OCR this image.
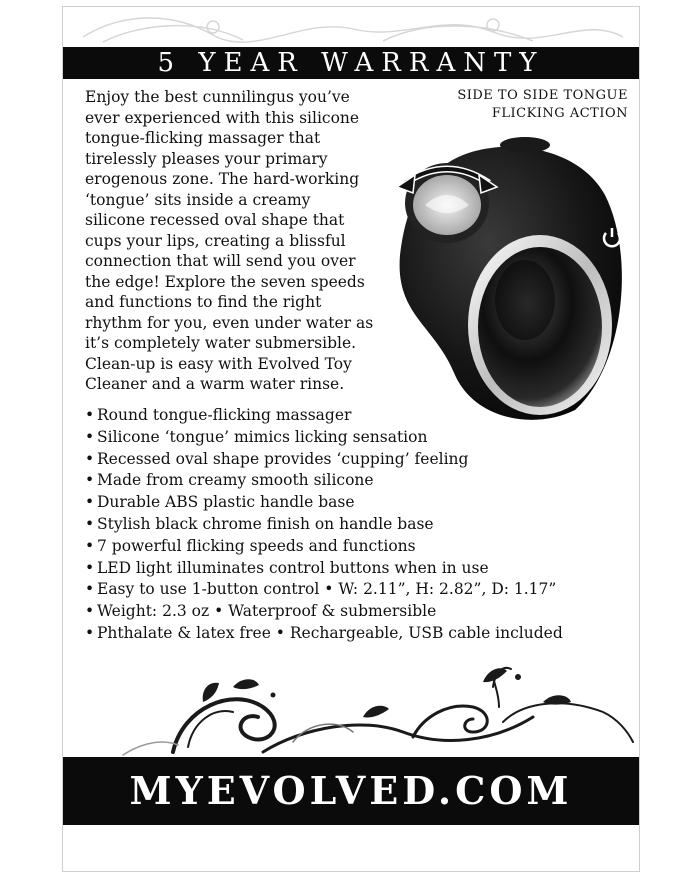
5 YEAR WARRANTY

Enjoy the best cunnilingus you’ve
ever experienced with this silicone
tongue-flicking massager that
tirelessly pleases your primary
erogenous zone. The hard-working
‘tongue’ sits inside a creamy
silicone recessed oval shape that
cups your lips, creating a blissful
connection that will send you over
the edge! Explore the seven speeds
and functions to find the right
rhythm for you, even under water as
it’s completely water submersible.
Clean-up is easy with Evolved Toy
Cleaner and a warm water rinse.

SIDE TO SIDE TONGUE
FLICKING ACTION
• Round tongue-flicking massager
• Silicone ‘tongue’ mimics licking sensation
• Recessed oval shape provides ‘cupping’ feeling
• Made from creamy smooth silicone
• Durable ABS plastic handle base
• Stylish black chrome finish on handle base
• 7 powerful flicking speeds and functions
• LED light illuminates control buttons when in use
• Easy to use 1-button control • W: 2.11”, H: 2.82”, D: 1.17”
• Weight: 2.3 oz • Waterproof & submersible
• Phthalate & latex free • Rechargeable, USB cable included
MYEVOLVED.COM
